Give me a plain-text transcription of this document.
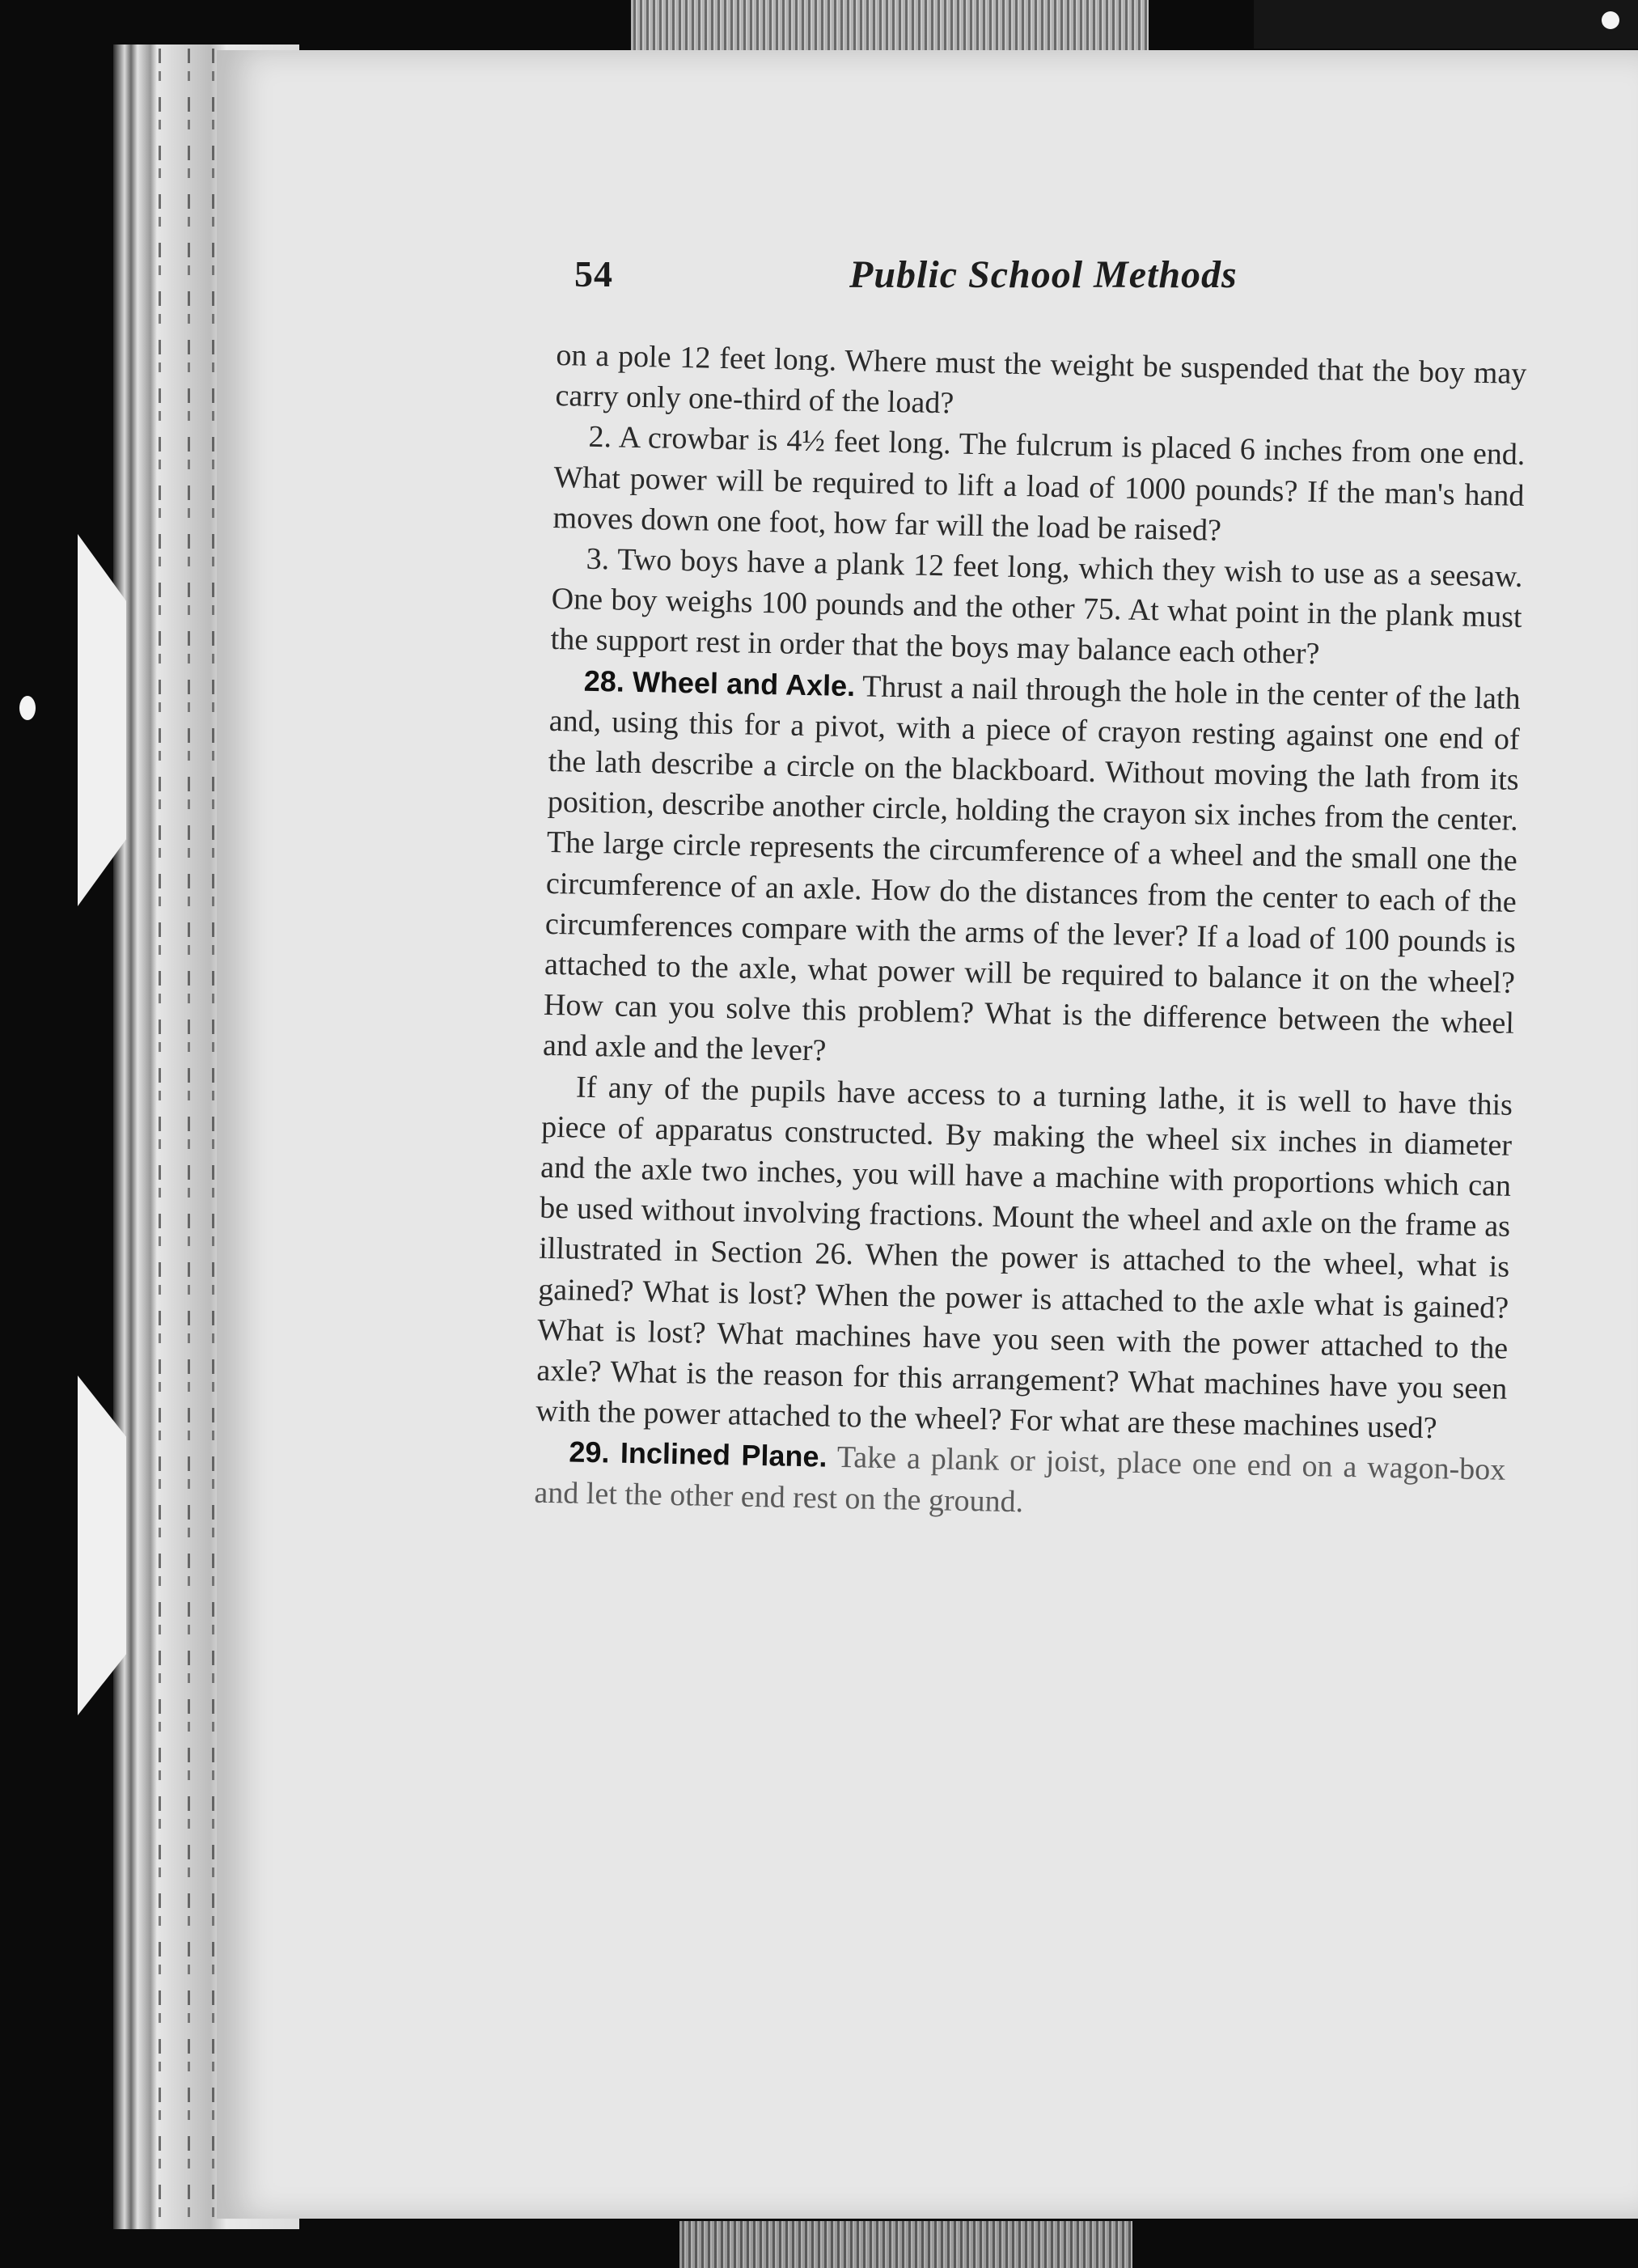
54	Public School Methods

on a pole 12 feet long. Where must the weight be suspended that the boy may carry only one-third of the load?

2. A crowbar is 4½ feet long. The fulcrum is placed 6 inches from one end. What power will be required to lift a load of 1000 pounds? If the man's hand moves down one foot, how far will the load be raised?

3. Two boys have a plank 12 feet long, which they wish to use as a seesaw. One boy weighs 100 pounds and the other 75. At what point in the plank must the support rest in order that the boys may balance each other?

28. Wheel and Axle. Thrust a nail through the hole in the center of the lath and, using this for a pivot, with a piece of crayon resting against one end of the lath describe a circle on the blackboard. Without moving the lath from its position, describe another circle, holding the crayon six inches from the center. The large circle represents the circumference of a wheel and the small one the circumference of an axle. How do the distances from the center to each of the circumferences compare with the arms of the lever? If a load of 100 pounds is attached to the axle, what power will be required to balance it on the wheel? How can you solve this problem? What is the difference between the wheel and axle and the lever?

If any of the pupils have access to a turning lathe, it is well to have this piece of apparatus constructed. By making the wheel six inches in diameter and the axle two inches, you will have a machine with proportions which can be used without involving fractions. Mount the wheel and axle on the frame as illustrated in Section 26. When the power is attached to the wheel, what is gained? What is lost? When the power is attached to the axle what is gained? What is lost? What machines have you seen with the power attached to the axle? What is the reason for this arrangement? What machines have you seen with the power attached to the wheel? For what are these machines used?

29. Inclined Plane. Take a plank or joist, place one end on a wagon-box and let the other end rest on the ground.
